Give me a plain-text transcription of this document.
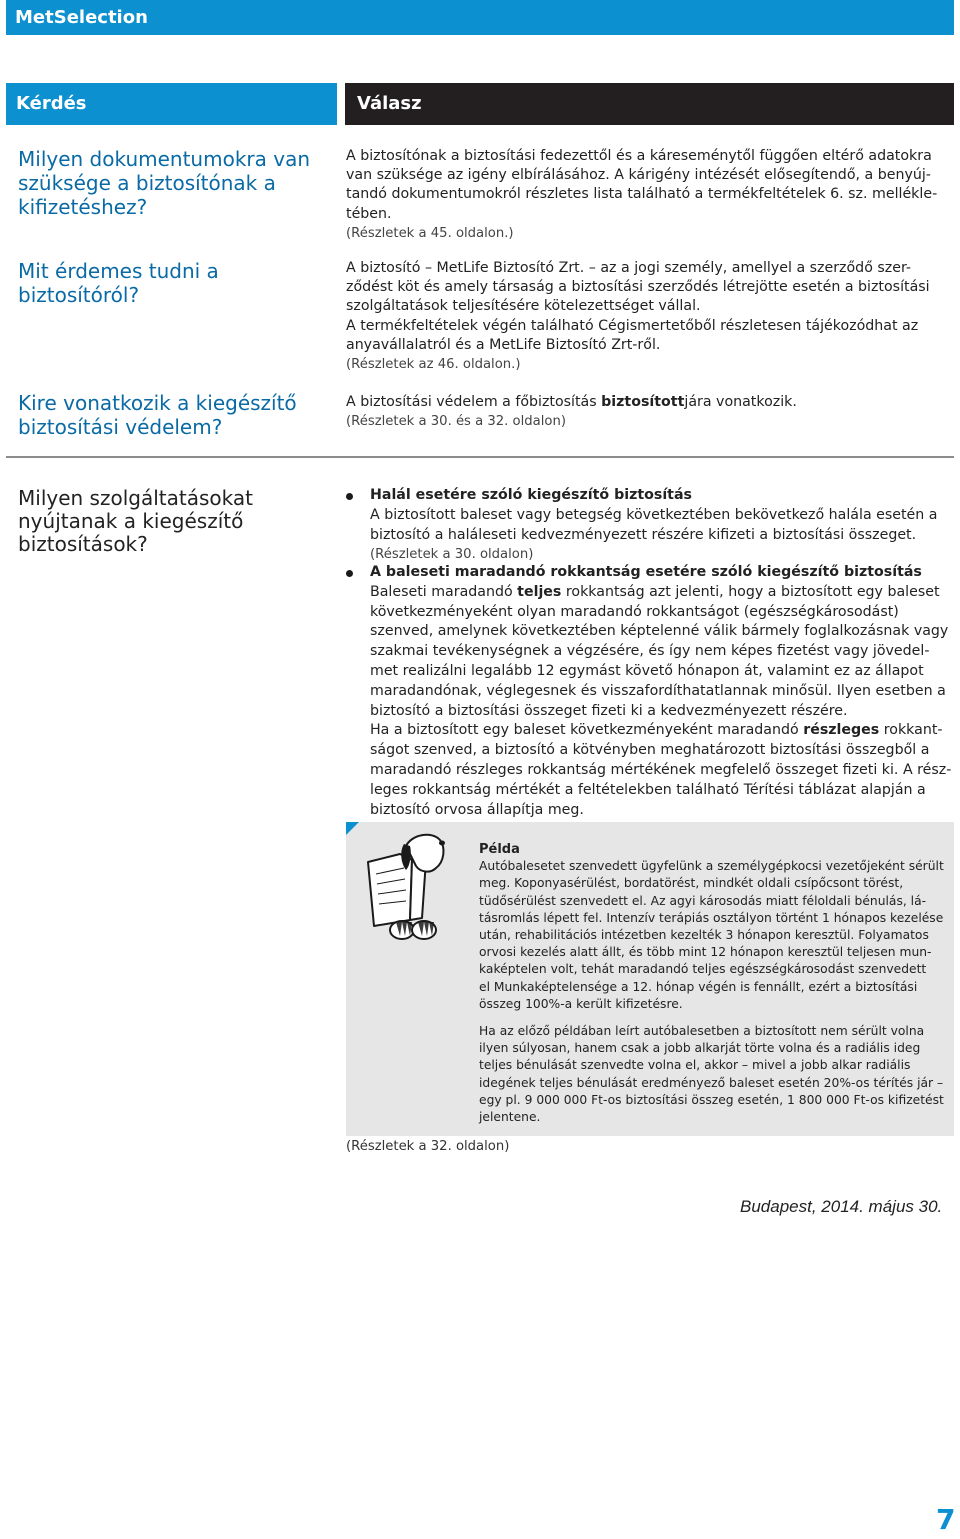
MetSelection
Kérdés	Válasz
Milyen dokumentumokra van
szüksége a biztosítónak a
kifizetéshez?
A biztosítónak a biztosítási fedezettől és a káreseménytől függően eltérő adatokra
van szüksége az igény elbírálásához. A kárigény intézését elősegítendő, a benyúj-
tandó dokumentumokról részletes lista található a termékfeltételek 6. sz. mellékle-
tében.
(Részletek a 45. oldalon.)
Mit érdemes tudni a
biztosítóról?
A biztosító – MetLife Biztosító Zrt. – az a jogi személy, amellyel a szerződő szer-
ződést köt és amely társaság a biztosítási szerződés létrejötte esetén a biztosítási
szolgáltatások teljesítésére kötelezettséget vállal.
A termékfeltételek végén található Cégismertetőből részletesen tájékozódhat az
anyavállalatról és a MetLife Biztosító Zrt-ről.
(Részletek az 46. oldalon.)
Kire vonatkozik a kiegészítő
biztosítási védelem?
A biztosítási védelem a főbiztosítás biztosítottjára vonatkozik.
(Részletek a 30. és a 32. oldalon)
Milyen szolgáltatásokat
nyújtanak a kiegészítő
biztosítások?
Halál esetére szóló kiegészítő biztosítás
A biztosított baleset vagy betegség következtében bekövetkező halála esetén a
biztosító a haláleseti kedvezményezett részére kifizeti a biztosítási összeget.
(Részletek a 30. oldalon)
A baleseti maradandó rokkantság esetére szóló kiegészítő biztosítás
Baleseti maradandó teljes rokkantság azt jelenti, hogy a biztosított egy baleset
következményeként olyan maradandó rokkantságot (egészségkárosodást)
szenved, amelynek következtében képtelenné válik bármely foglalkozásnak vagy
szakmai tevékenységnek a végzésére, és így nem képes fizetést vagy jövedel-
met realizálni legalább 12 egymást követő hónapon át, valamint ez az állapot
maradandónak, véglegesnek és visszafordíthatatlannak minősül. Ilyen esetben a
biztosító a biztosítási összeget fizeti ki a kedvezményezett részére.
Ha a biztosított egy baleset következményeként maradandó részleges rokkant-
ságot szenved, a biztosító a kötvényben meghatározott biztosítási összegből a
maradandó részleges rokkantság mértékének megfelelő összeget fizeti ki. A rész-
leges rokkantság mértékét a feltételekben található Térítési táblázat alapján a
biztosító orvosa állapítja meg.
Példa
Autóbalesetet szenvedett ügyfelünk a személygépkocsi vezetőjeként sérült
meg. Koponyasérülést, bordatörést, mindkét oldali csípőcsont törést,
tüdősérülést szenvedett el. Az agyi károsodás miatt féloldali bénulás, lá-
tásromlás lépett fel. Intenzív terápiás osztályon történt 1 hónapos kezelése
után, rehabilitációs intézetben kezelték 3 hónapon keresztül. Folyamatos
orvosi kezelés alatt állt, és több mint 12 hónapon keresztül teljesen mun-
kaképtelen volt, tehát maradandó teljes egészségkárosodást szenvedett
el Munkaképtelensége a 12. hónap végén is fennállt, ezért a biztosítási
összeg 100%-a került kifizetésre.
Ha az előző példában leírt autóbalesetben a biztosított nem sérült volna
ilyen súlyosan, hanem csak a jobb alkarját törte volna és a radiális ideg
teljes bénulását szenvedte volna el, akkor – mivel a jobb alkar radiális
idegének teljes bénulását eredményező baleset esetén 20%-os térítés jár –
egy pl. 9 000 000 Ft-os biztosítási összeg esetén, 1 800 000 Ft-os kifizetést
jelentene.
(Részletek a 32. oldalon)
Budapest, 2014. május 30.
7
